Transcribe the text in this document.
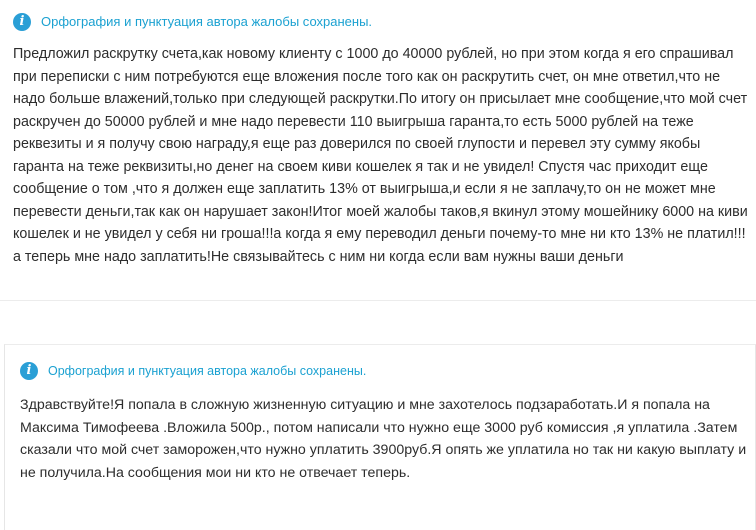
i	Орфография и пунктуация автора жалобы сохранены.

Предложил раскрутку счета,как новому клиенту с 1000 до 40000 рублей, но при этом когда я его спрашивал при переписки с ним потребуются еще вложения после того как он раскрутить счет, он мне ответил,что не надо больше влажений,только при следующей раскрутки.По итогу он присылает мне сообщение,что мой счет раскручен до 50000 рублей и мне надо перевести 110 выигрыша гаранта,то есть 5000 рублей на теже реквезиты и я получу свою награду,я еще раз доверился по своей глупости и перевел эту сумму якобы гаранта на теже реквизиты,но денег на своем киви кошелек я так и не увидел! Спустя час приходит еще сообщение о том ,что я должен еще заплатить 13% от выигрыша,и если я не заплачу,то он не может мне перевести деньги,так как он нарушает закон!Итог моей жалобы таков,я вкинул этому мошейнику 6000 на киви кошелек и не увидел у себя ни гроша!!!а когда я ему переводил деньги почему-то мне ни кто 13% не платил!!!а теперь мне надо заплатить!Не связывайтесь с ним ни когда если вам нужны ваши деньги

i	Орфография и пунктуация автора жалобы сохранены.

Здравствуйте!Я попала в сложную жизненную ситуацию и мне захотелось подзаработать.И я попала на Максима Тимофеева .Вложила 500р., потом написали что нужно еще 3000 руб комиссия ,я уплатила .Затем сказали что мой счет заморожен,что нужно уплатить 3900руб.Я опять же уплатила но так ни какую выплату и не получила.На сообщения мои ни кто не отвечает теперь.
